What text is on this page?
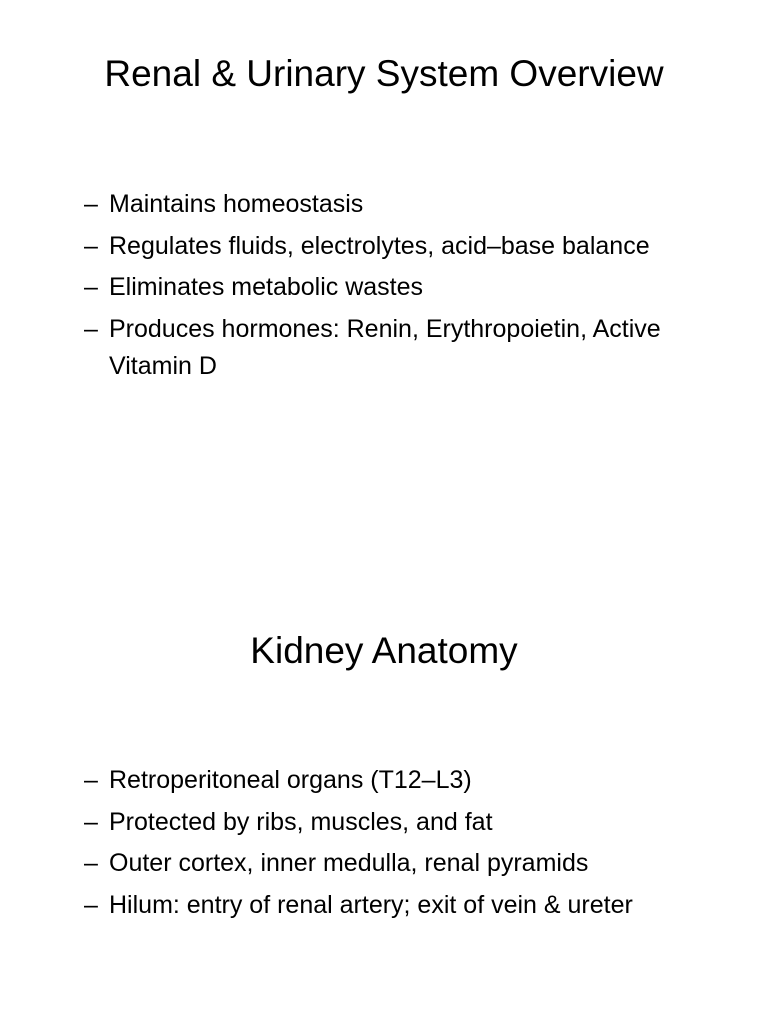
Renal & Urinary System Overview
– Maintains homeostasis
– Regulates fluids, electrolytes, acid–base balance
– Eliminates metabolic wastes
– Produces hormones: Renin, Erythropoietin, Active Vitamin D
Kidney Anatomy
– Retroperitoneal organs (T12–L3)
– Protected by ribs, muscles, and fat
– Outer cortex, inner medulla, renal pyramids
– Hilum: entry of renal artery; exit of vein & ureter
